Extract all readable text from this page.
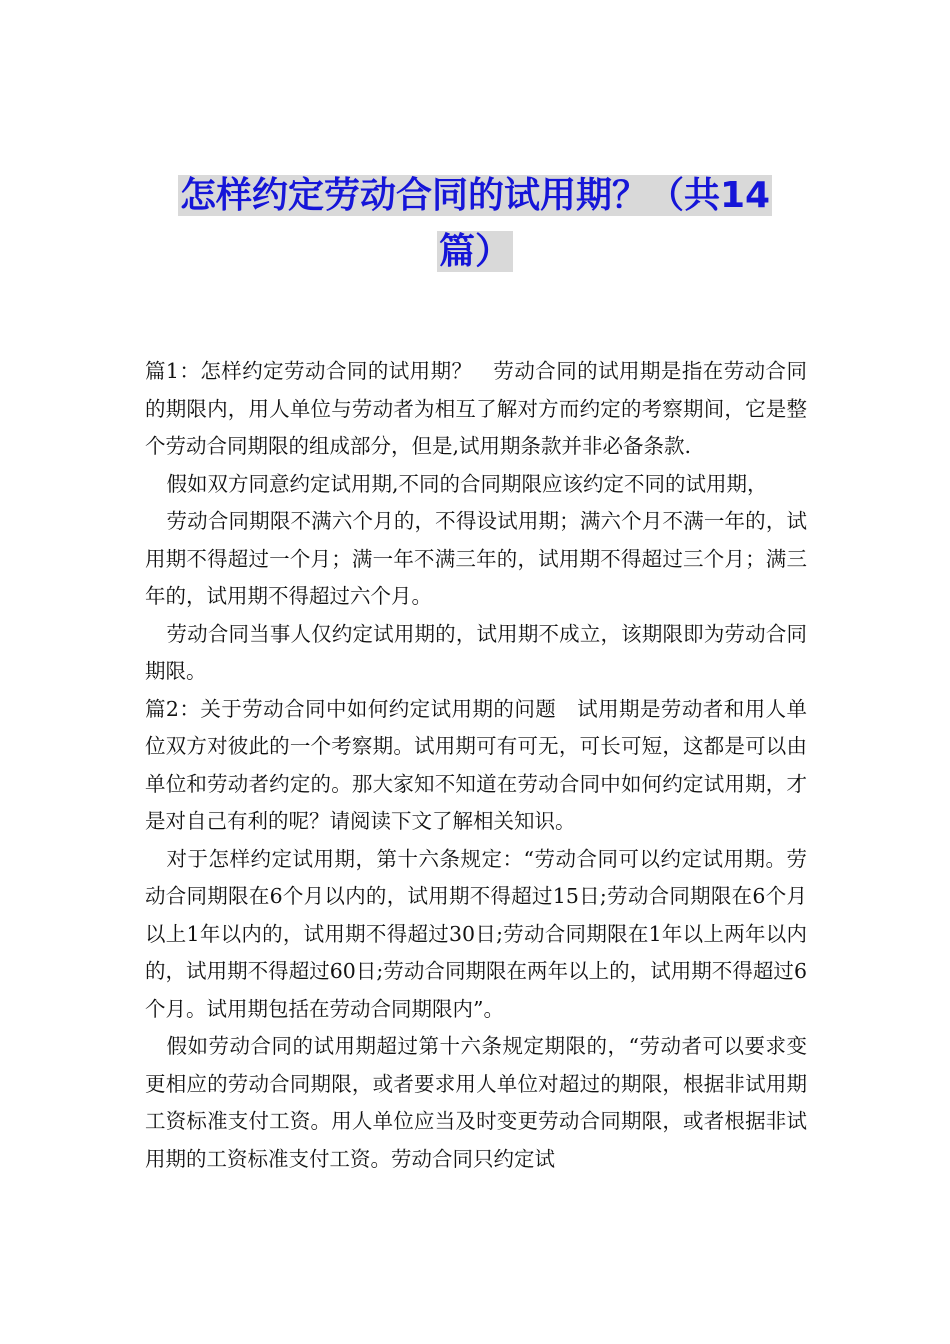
怎样约定劳动合同的试用期？（共14
篇）

篇1：怎样约定劳动合同的试用期？　劳动合同的试用期是指在劳动合同的期限内，用人单位与劳动者为相互了解对方而约定的考察期间，它是整个劳动合同期限的组成部分，但是,试用期条款并非必备条款.

假如双方同意约定试用期,不同的合同期限应该约定不同的试用期，

劳动合同期限不满六个月的，不得设试用期；满六个月不满一年的，试用期不得超过一个月；满一年不满三年的，试用期不得超过三个月；满三年的，试用期不得超过六个月。

劳动合同当事人仅约定试用期的，试用期不成立，该期限即为劳动合同期限。

篇2：关于劳动合同中如何约定试用期的问题　试用期是劳动者和用人单位双方对彼此的一个考察期。试用期可有可无，可长可短，这都是可以由单位和劳动者约定的。那大家知不知道在劳动合同中如何约定试用期，才是对自己有利的呢？请阅读下文了解相关知识。

对于怎样约定试用期，第十六条规定：“劳动合同可以约定试用期。劳动合同期限在6个月以内的，试用期不得超过15日;劳动合同期限在6个月以上1年以内的，试用期不得超过30日;劳动合同期限在1年以上两年以内的，试用期不得超过60日;劳动合同期限在两年以上的，试用期不得超过6个月。试用期包括在劳动合同期限内”。

假如劳动合同的试用期超过第十六条规定期限的，“劳动者可以要求变更相应的劳动合同期限，或者要求用人单位对超过的期限，根据非试用期工资标准支付工资。用人单位应当及时变更劳动合同期限，或者根据非试用期的工资标准支付工资。劳动合同只约定试
